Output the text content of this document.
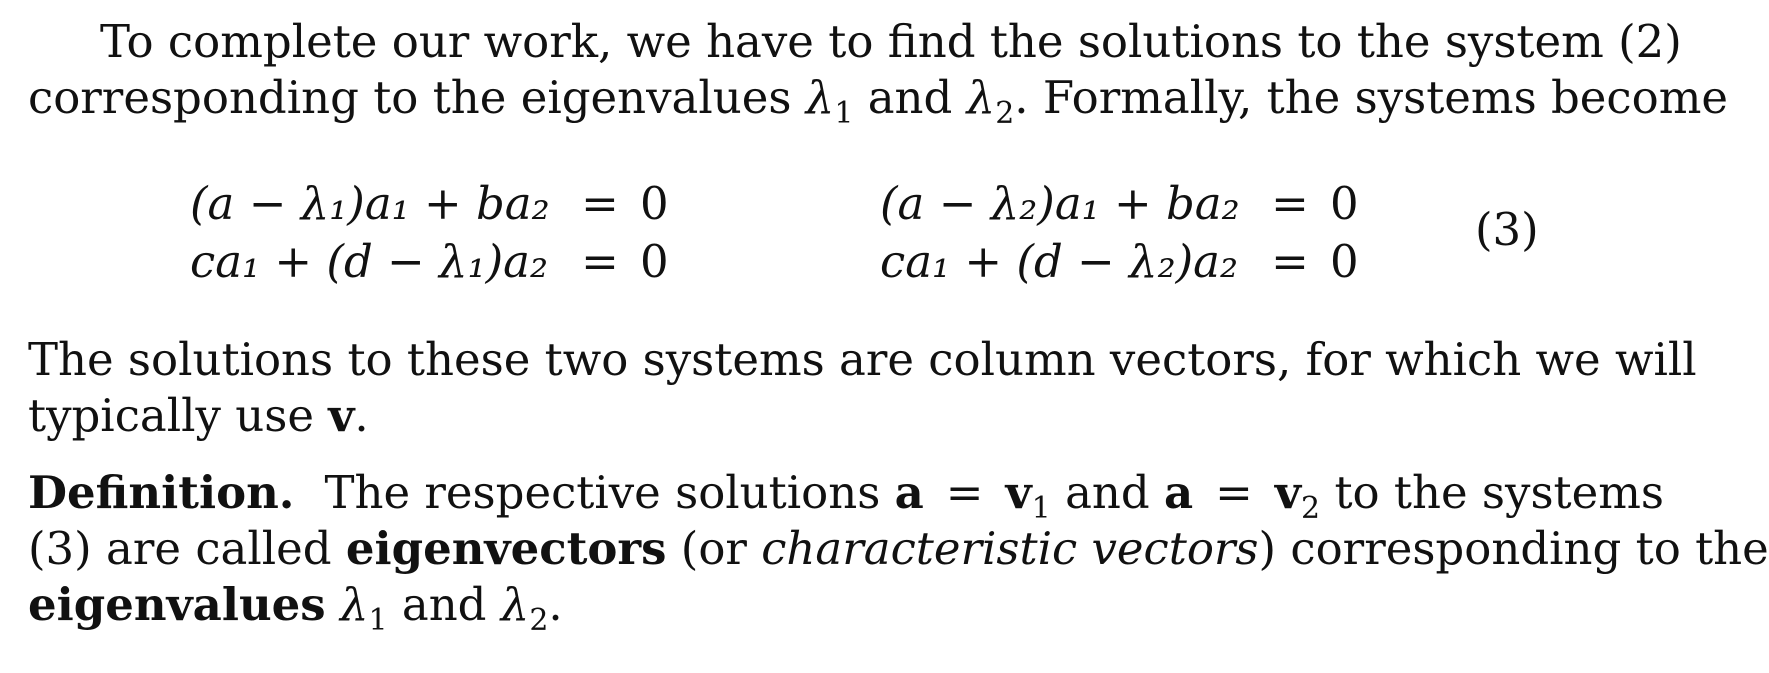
To complete our work, we have to find the solutions to the system (2)
corresponding to the eigenvalues $\lambda_1$ and $\lambda_2$. Formally, the systems become
(a − λ₁)a₁ + ba₂
ca₁ + (d − λ₁)a₂
=
=
0
0
(a − λ₂)a₁ + ba₂
ca₁ + (d − λ₂)a₂
=
=
0
0
(3)
The solutions to these two systems are column vectors, for which we will
typically use v.
Definition. The respective solutions $a = v_1$ and $a = v_2$ to the systems
(3) are called eigenvectors (or characteristic vectors) corresponding to the
eigenvalues $\lambda_1$ and $\lambda_2$.
